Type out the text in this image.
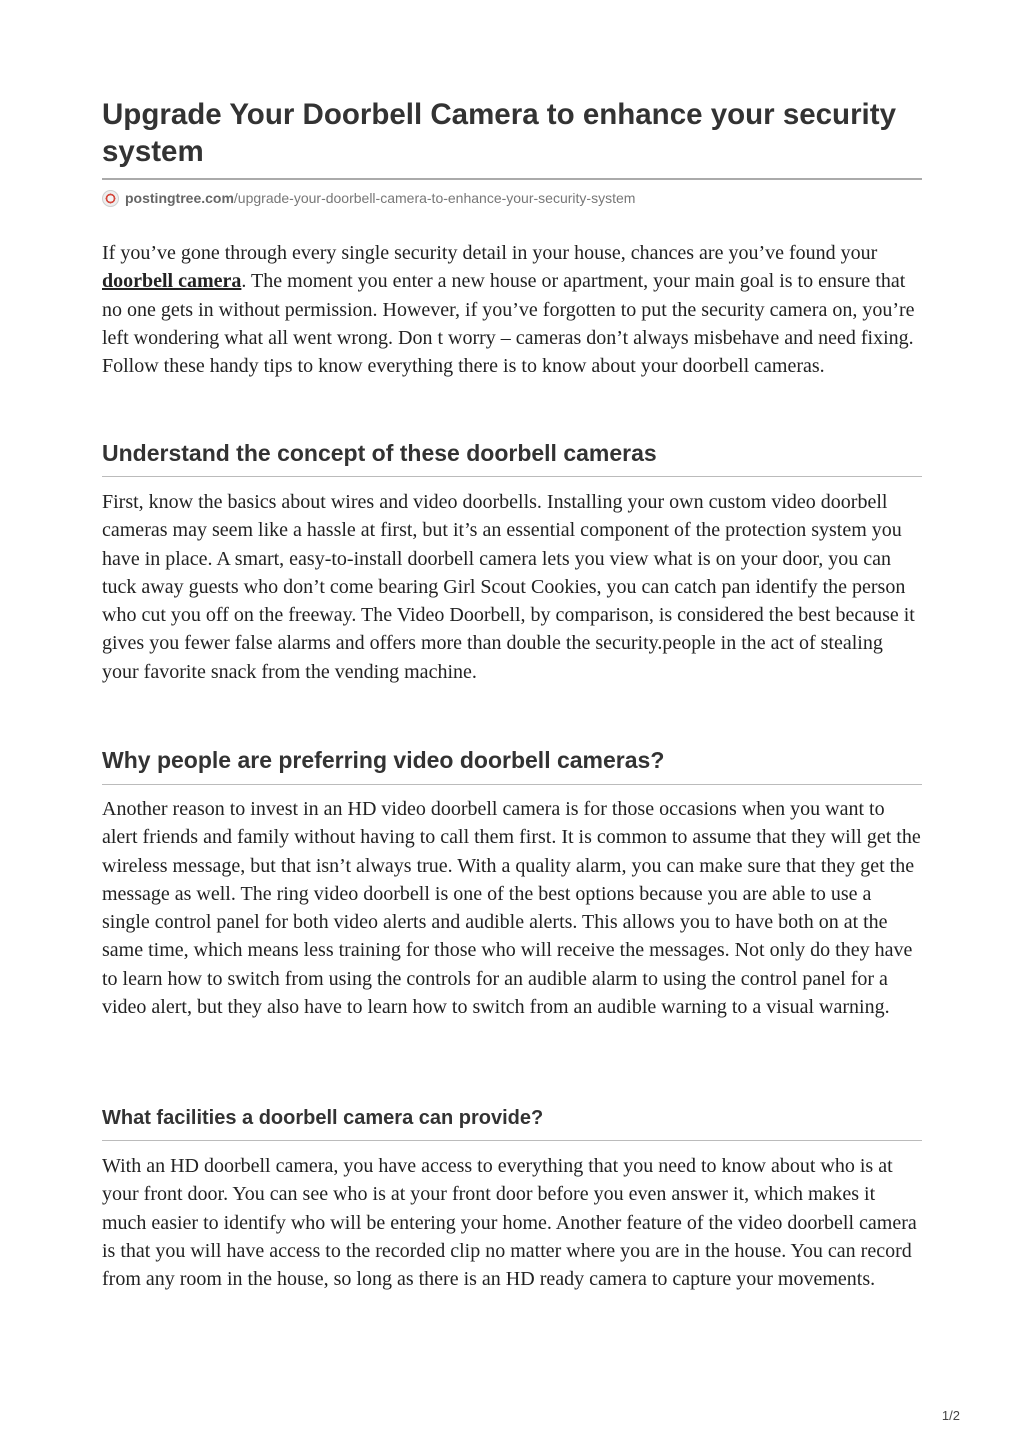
Upgrade Your Doorbell Camera to enhance your security system
postingtree.com/upgrade-your-doorbell-camera-to-enhance-your-security-system
If you’ve gone through every single security detail in your house, chances are you’ve found your doorbell camera. The moment you enter a new house or apartment, your main goal is to ensure that no one gets in without permission. However, if you’ve forgotten to put the security camera on, you’re left wondering what all went wrong. Don t worry – cameras don’t always misbehave and need fixing. Follow these handy tips to know everything there is to know about your doorbell cameras.
Understand the concept of these doorbell cameras

First, know the basics about wires and video doorbells. Installing your own custom video doorbell cameras may seem like a hassle at first, but it’s an essential component of the protection system you have in place. A smart, easy-to-install doorbell camera lets you view what is on your door, you can tuck away guests who don’t come bearing Girl Scout Cookies, you can catch pan identify the person who cut you off on the freeway. The Video Doorbell, by comparison, is considered the best because it gives you fewer false alarms and offers more than double the security.people in the act of stealing your favorite snack from the vending machine.

Why people are preferring video doorbell cameras?

Another reason to invest in an HD video doorbell camera is for those occasions when you want to alert friends and family without having to call them first. It is common to assume that they will get the wireless message, but that isn’t always true. With a quality alarm, you can make sure that they get the message as well. The ring video doorbell is one of the best options because you are able to use a single control panel for both video alerts and audible alerts. This allows you to have both on at the same time, which means less training for those who will receive the messages. Not only do they have to learn how to switch from using the controls for an audible alarm to using the control panel for a video alert, but they also have to learn how to switch from an audible warning to a visual warning.

What facilities a doorbell camera can provide?

With an HD doorbell camera, you have access to everything that you need to know about who is at your front door. You can see who is at your front door before you even answer it, which makes it much easier to identify who will be entering your home. Another feature of the video doorbell camera is that you will have access to the recorded clip no matter where you are in the house. You can record from any room in the house, so long as there is an HD ready camera to capture your movements.

1/2
